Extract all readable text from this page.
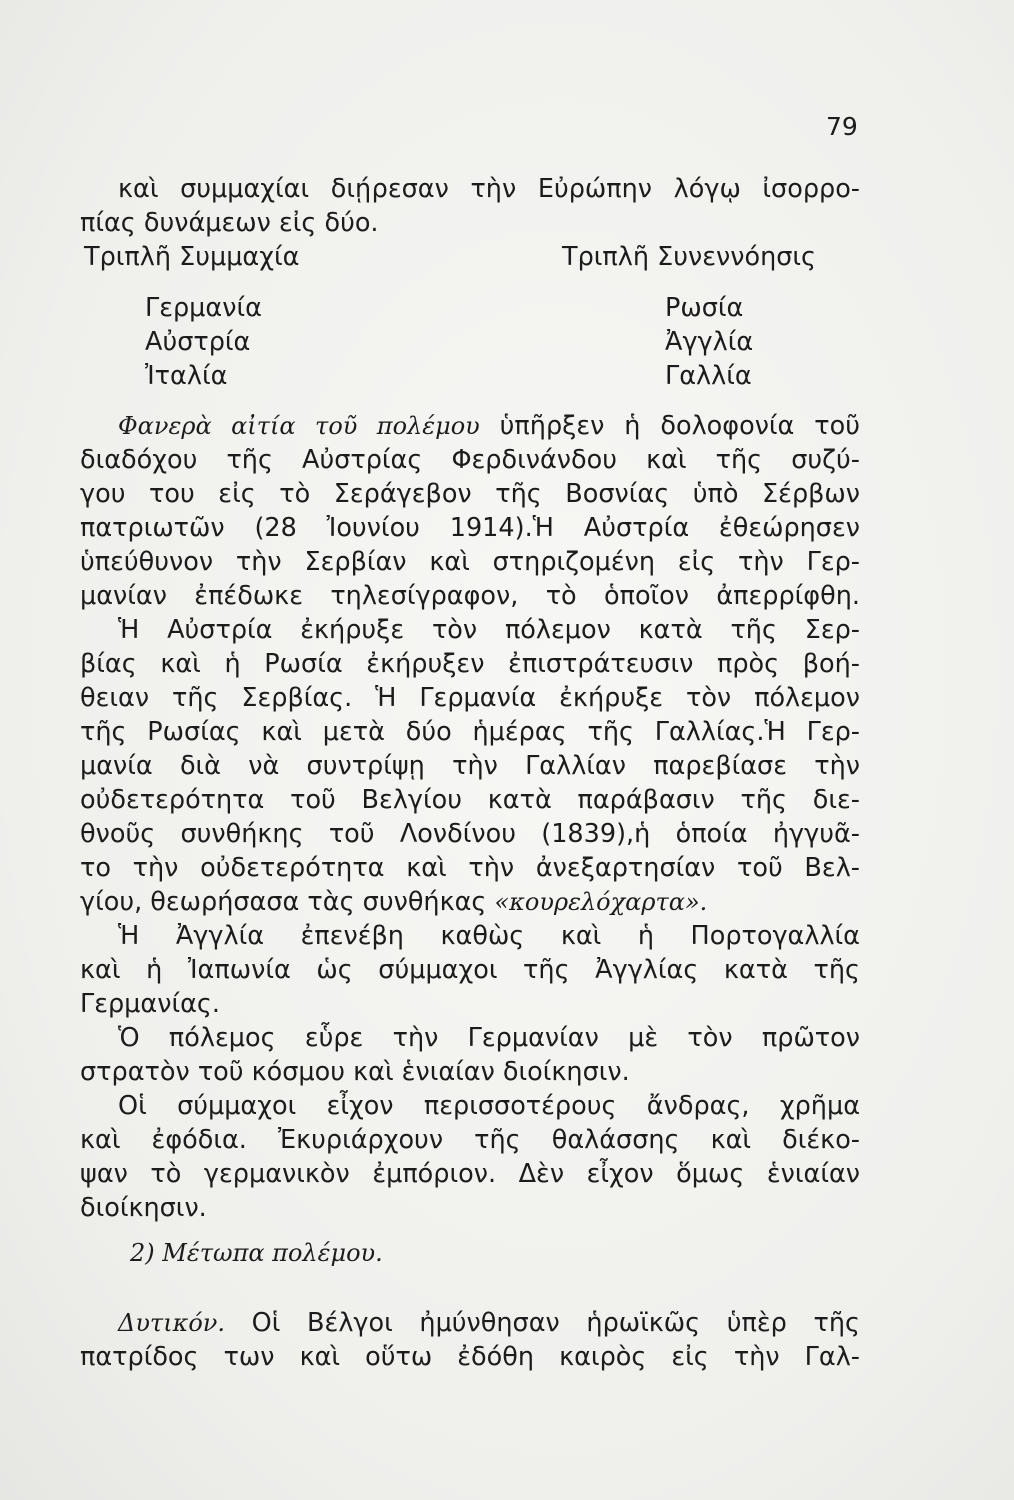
79
καὶ συμμαχίαι διῄρεσαν τὴν Εὐρώπην λόγῳ ἰσορρο-
πίας δυνάμεων εἰς δύο.
Τριπλῆ Συμμαχία	Τριπλῆ Συνεννόησις
Γερμανία
Αὐστρία
Ἰταλία
Ρωσία
Ἀγγλία
Γαλλία
Φανερὰ αἰτία τοῦ πολέμου ὑπῆρξεν ἡ δολοφονία τοῦ
διαδόχου τῆς Αὐστρίας Φερδινάνδου καὶ τῆς συζύ-
γου του εἰς τὸ Σεράγεβον τῆς Βοσνίας ὑπὸ Σέρβων
πατριωτῶν (28 Ἰουνίου 1914).Ἡ Αὐστρία ἐθεώρησεν
ὑπεύθυνον τὴν Σερβίαν καὶ στηριζομένη εἰς τὴν Γερ-
μανίαν ἐπέδωκε τηλεσίγραφον, τὸ ὁποῖον ἀπερρίφθη.
Ἡ Αὐστρία ἐκήρυξε τὸν πόλεμον κατὰ τῆς Σερ-
βίας καὶ ἡ Ρωσία ἐκήρυξεν ἐπιστράτευσιν πρὸς βοή-
θειαν τῆς Σερβίας. Ἡ Γερμανία ἐκήρυξε τὸν πόλεμον
τῆς Ρωσίας καὶ μετὰ δύο ἡμέρας τῆς Γαλλίας.Ἡ Γερ-
μανία διὰ νὰ συντρίψῃ τὴν Γαλλίαν παρεβίασε τὴν
οὐδετερότητα τοῦ Βελγίου κατὰ παράβασιν τῆς διε-
θνοῦς συνθήκης τοῦ Λονδίνου (1839),ἡ ὁποία ἠγγυᾶ-
το τὴν οὐδετερότητα καὶ τὴν ἀνεξαρτησίαν τοῦ Βελ-
γίου, θεωρήσασα τὰς συνθήκας «κουρελόχαρτα».
Ἡ Ἀγγλία ἐπενέβη καθὼς καὶ ἡ Πορτογαλλία
καὶ ἡ Ἰαπωνία ὡς σύμμαχοι τῆς Ἀγγλίας κατὰ τῆς
Γερμανίας.
Ὁ πόλεμος εὗρε τὴν Γερμανίαν μὲ τὸν πρῶτον
στρατὸν τοῦ κόσμου καὶ ἑνιαίαν διοίκησιν.
Οἱ σύμμαχοι εἶχον περισσοτέρους ἄνδρας, χρῆμα
καὶ ἐφόδια. Ἐκυριάρχουν τῆς θαλάσσης καὶ διέκο-
ψαν τὸ γερμανικὸν ἐμπόριον. Δὲν εἶχον ὅμως ἑνιαίαν
διοίκησιν.
2) Μέτωπα πολέμου.
Δυτικόν. Οἱ Βέλγοι ἠμύνθησαν ἡρωϊκῶς ὑπὲρ τῆς
πατρίδος των καὶ οὕτω ἐδόθη καιρὸς εἰς τὴν Γαλ-
